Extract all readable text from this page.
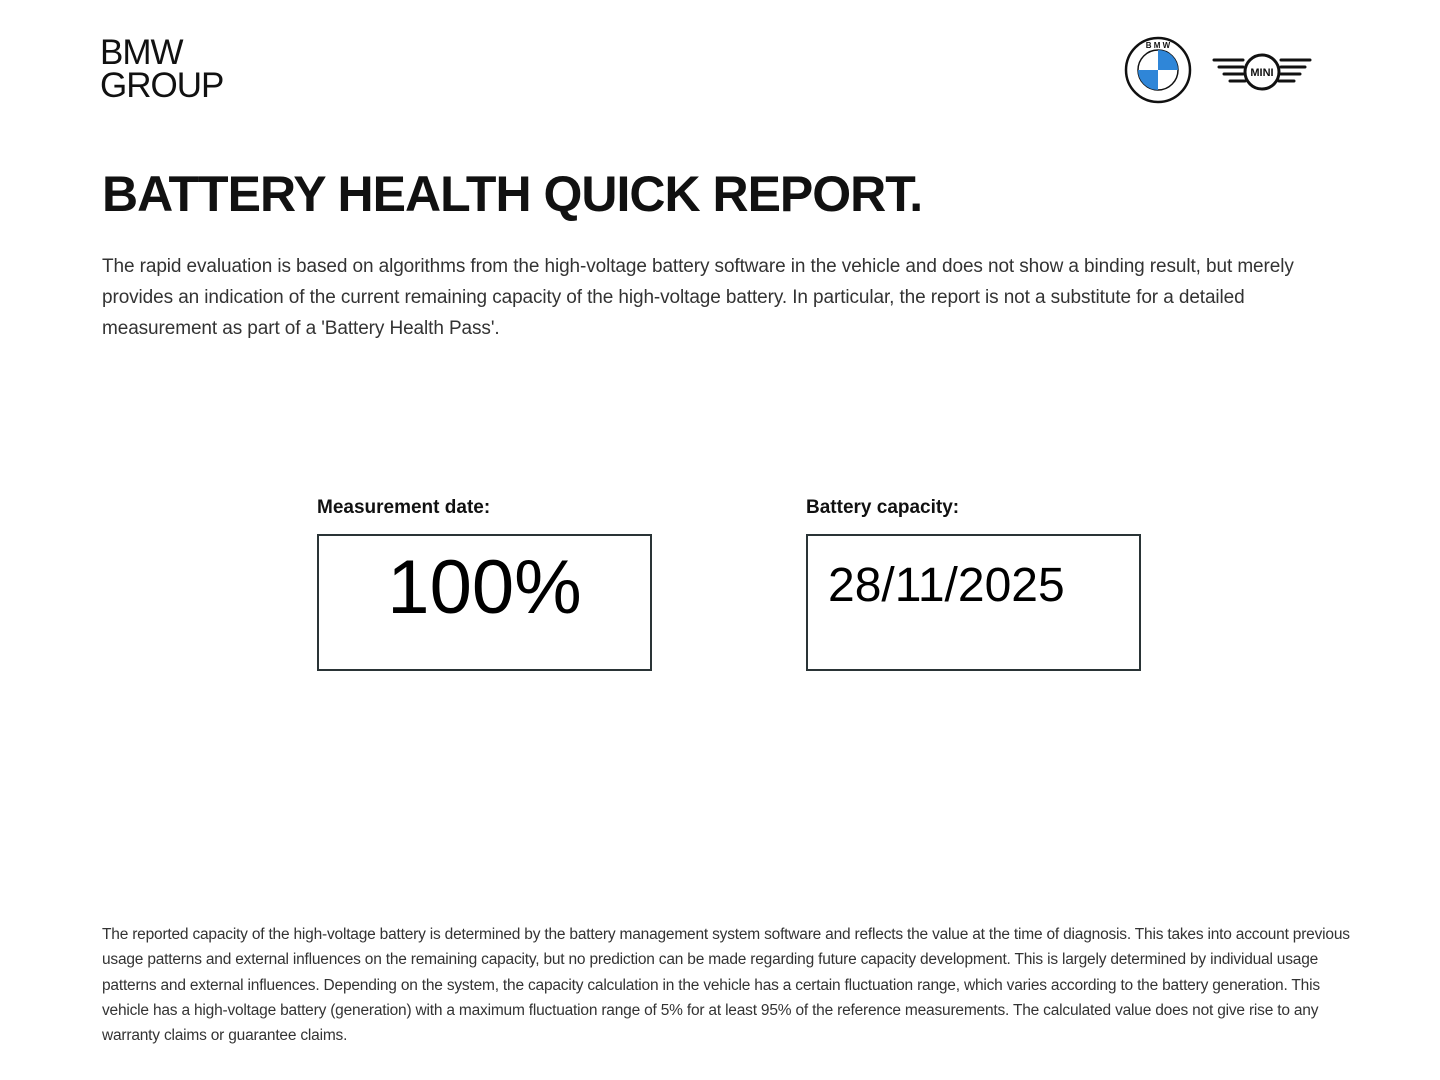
BMW
GROUP
B M W
MINI
BATTERY HEALTH QUICK REPORT.

The rapid evaluation is based on algorithms from the high-voltage battery software in the vehicle and does not show a binding result, but merely provides an indication of the current remaining capacity of the high-voltage battery. In particular, the report is not a substitute for a detailed measurement as part of a 'Battery Health Pass'.

Measurement date:
100%
Battery capacity:
28/11/2025

The reported capacity of the high-voltage battery is determined by the battery management system software and reflects the value at the time of diagnosis. This takes into account previous usage patterns and external influences on the remaining capacity, but no prediction can be made regarding future capacity development. This is largely determined by individual usage patterns and external influences. Depending on the system, the capacity calculation in the vehicle has a certain fluctuation range, which varies according to the battery generation. This vehicle has a high-voltage battery (generation) with a maximum fluctuation range of 5% for at least 95% of the reference measurements. The calculated value does not give rise to any warranty claims or guarantee claims.
